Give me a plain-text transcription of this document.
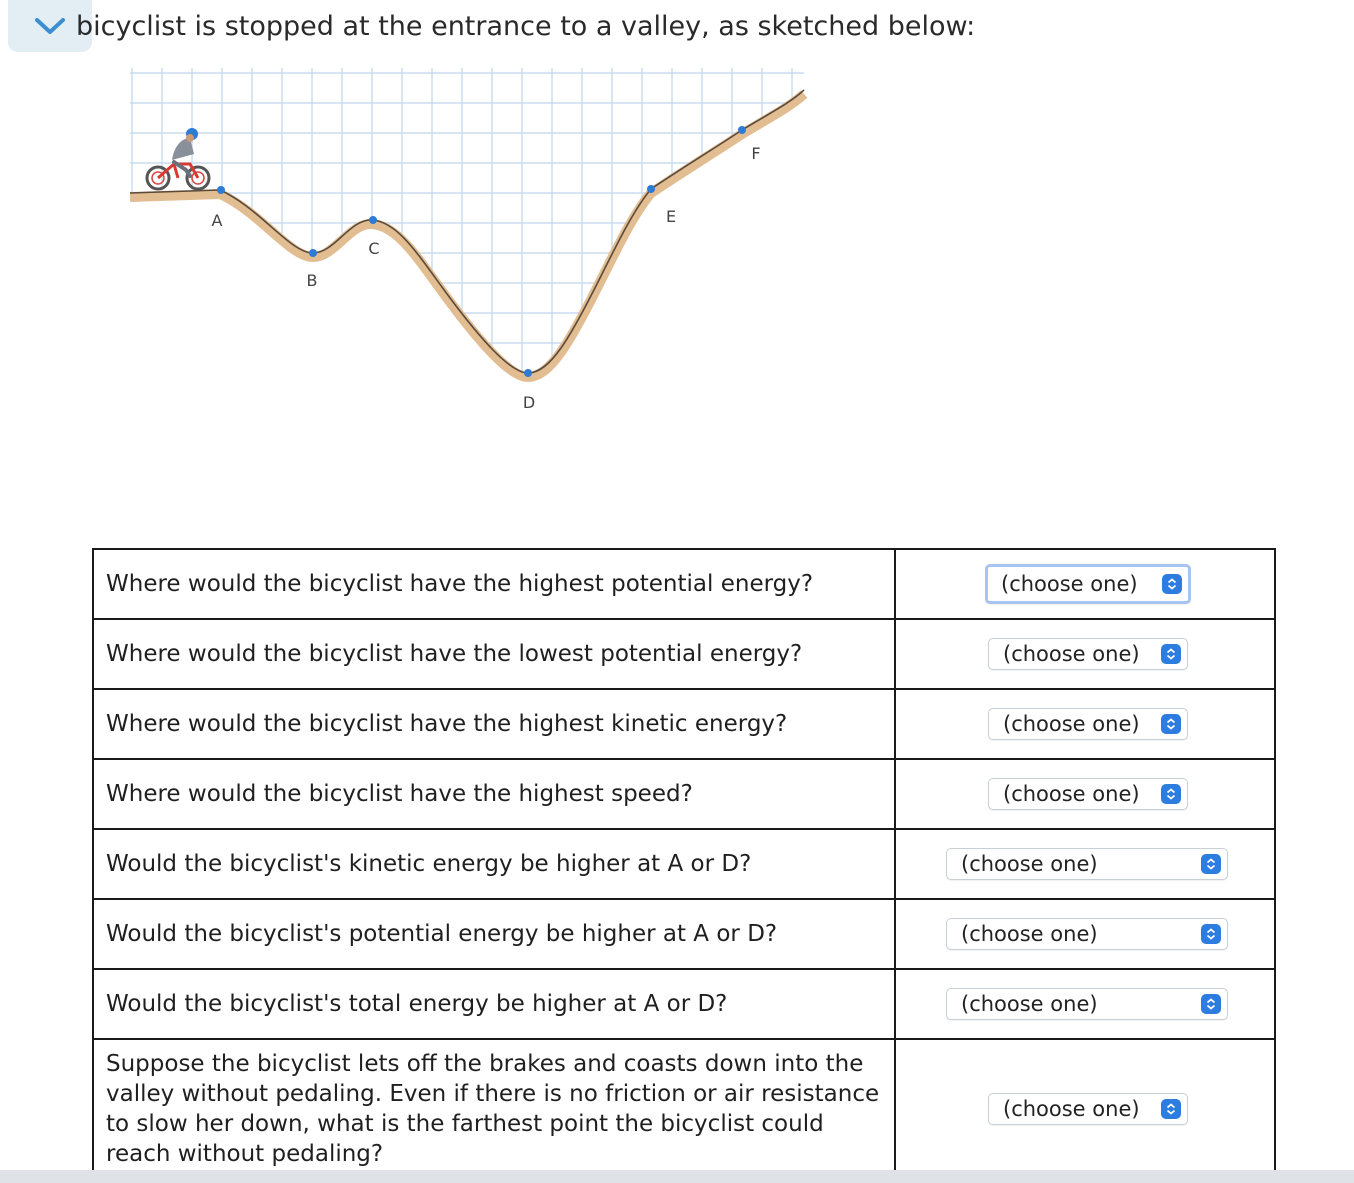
bicyclist is stopped at the entrance to a valley, as sketched below:
A
B
C
D
E
F
Where would the bicyclist have the highest potential energy?	(choose one)

Where would the bicyclist have the lowest potential energy?	(choose one)

Where would the bicyclist have the highest kinetic energy?	(choose one)

Where would the bicyclist have the highest speed?	(choose one)

Would the bicyclist's kinetic energy be higher at A or D?	(choose one)

Would the bicyclist's potential energy be higher at A or D?	(choose one)

Would the bicyclist's total energy be higher at A or D?	(choose one)

Suppose the bicyclist lets off the brakes and coasts down into the valley without pedaling. Even if there is no friction or air resistance to slow her down, what is the farthest point the bicyclist could reach without pedaling?	(choose one)
